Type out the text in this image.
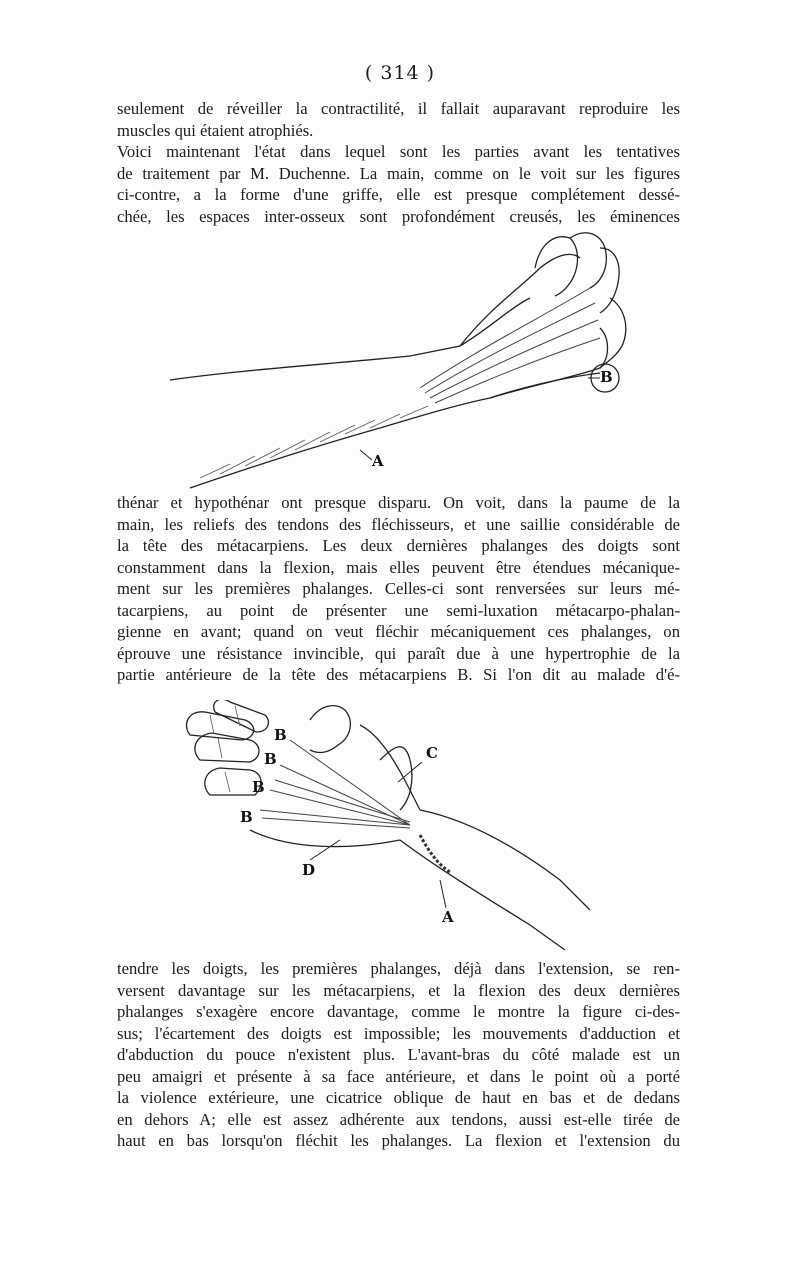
( 314 )
seulement de réveiller la contractilité, il fallait auparavant reproduire les
muscles qui étaient atrophiés.
Voici maintenant l'état dans lequel sont les parties avant les tentatives
de traitement par M. Duchenne. La main, comme on le voit sur les figures
ci-contre, a la forme d'une griffe, elle est presque complétement dessé-
chée, les espaces inter-osseux sont profondément creusés, les éminences
B
A
thénar et hypothénar ont presque disparu. On voit, dans la paume de la
main, les reliefs des tendons des fléchisseurs, et une saillie considérable de
la tête des métacarpiens. Les deux dernières phalanges des doigts sont
constamment dans la flexion, mais elles peuvent être étendues mécanique-
ment sur les premières phalanges. Celles-ci sont renversées sur leurs mé-
tacarpiens, au point de présenter une semi-luxation métacarpo-phalan-
gienne en avant; quand on veut fléchir mécaniquement ces phalanges, on
éprouve une résistance invincible, qui paraît due à une hypertrophie de la
partie antérieure de la tête des métacarpiens B. Si l'on dit au malade d'é-
C
D
A
B
B
B
B
tendre les doigts, les premières phalanges, déjà dans l'extension, se ren-
versent davantage sur les métacarpiens, et la flexion des deux dernières
phalanges s'exagère encore davantage, comme le montre la figure ci-des-
sus; l'écartement des doigts est impossible; les mouvements d'adduction et
d'abduction du pouce n'existent plus. L'avant-bras du côté malade est un
peu amaigri et présente à sa face antérieure, et dans le point où a porté
la violence extérieure, une cicatrice oblique de haut en bas et de dedans
en dehors A; elle est assez adhérente aux tendons, aussi est-elle tirée de
haut en bas lorsqu'on fléchit les phalanges. La flexion et l'extension du
